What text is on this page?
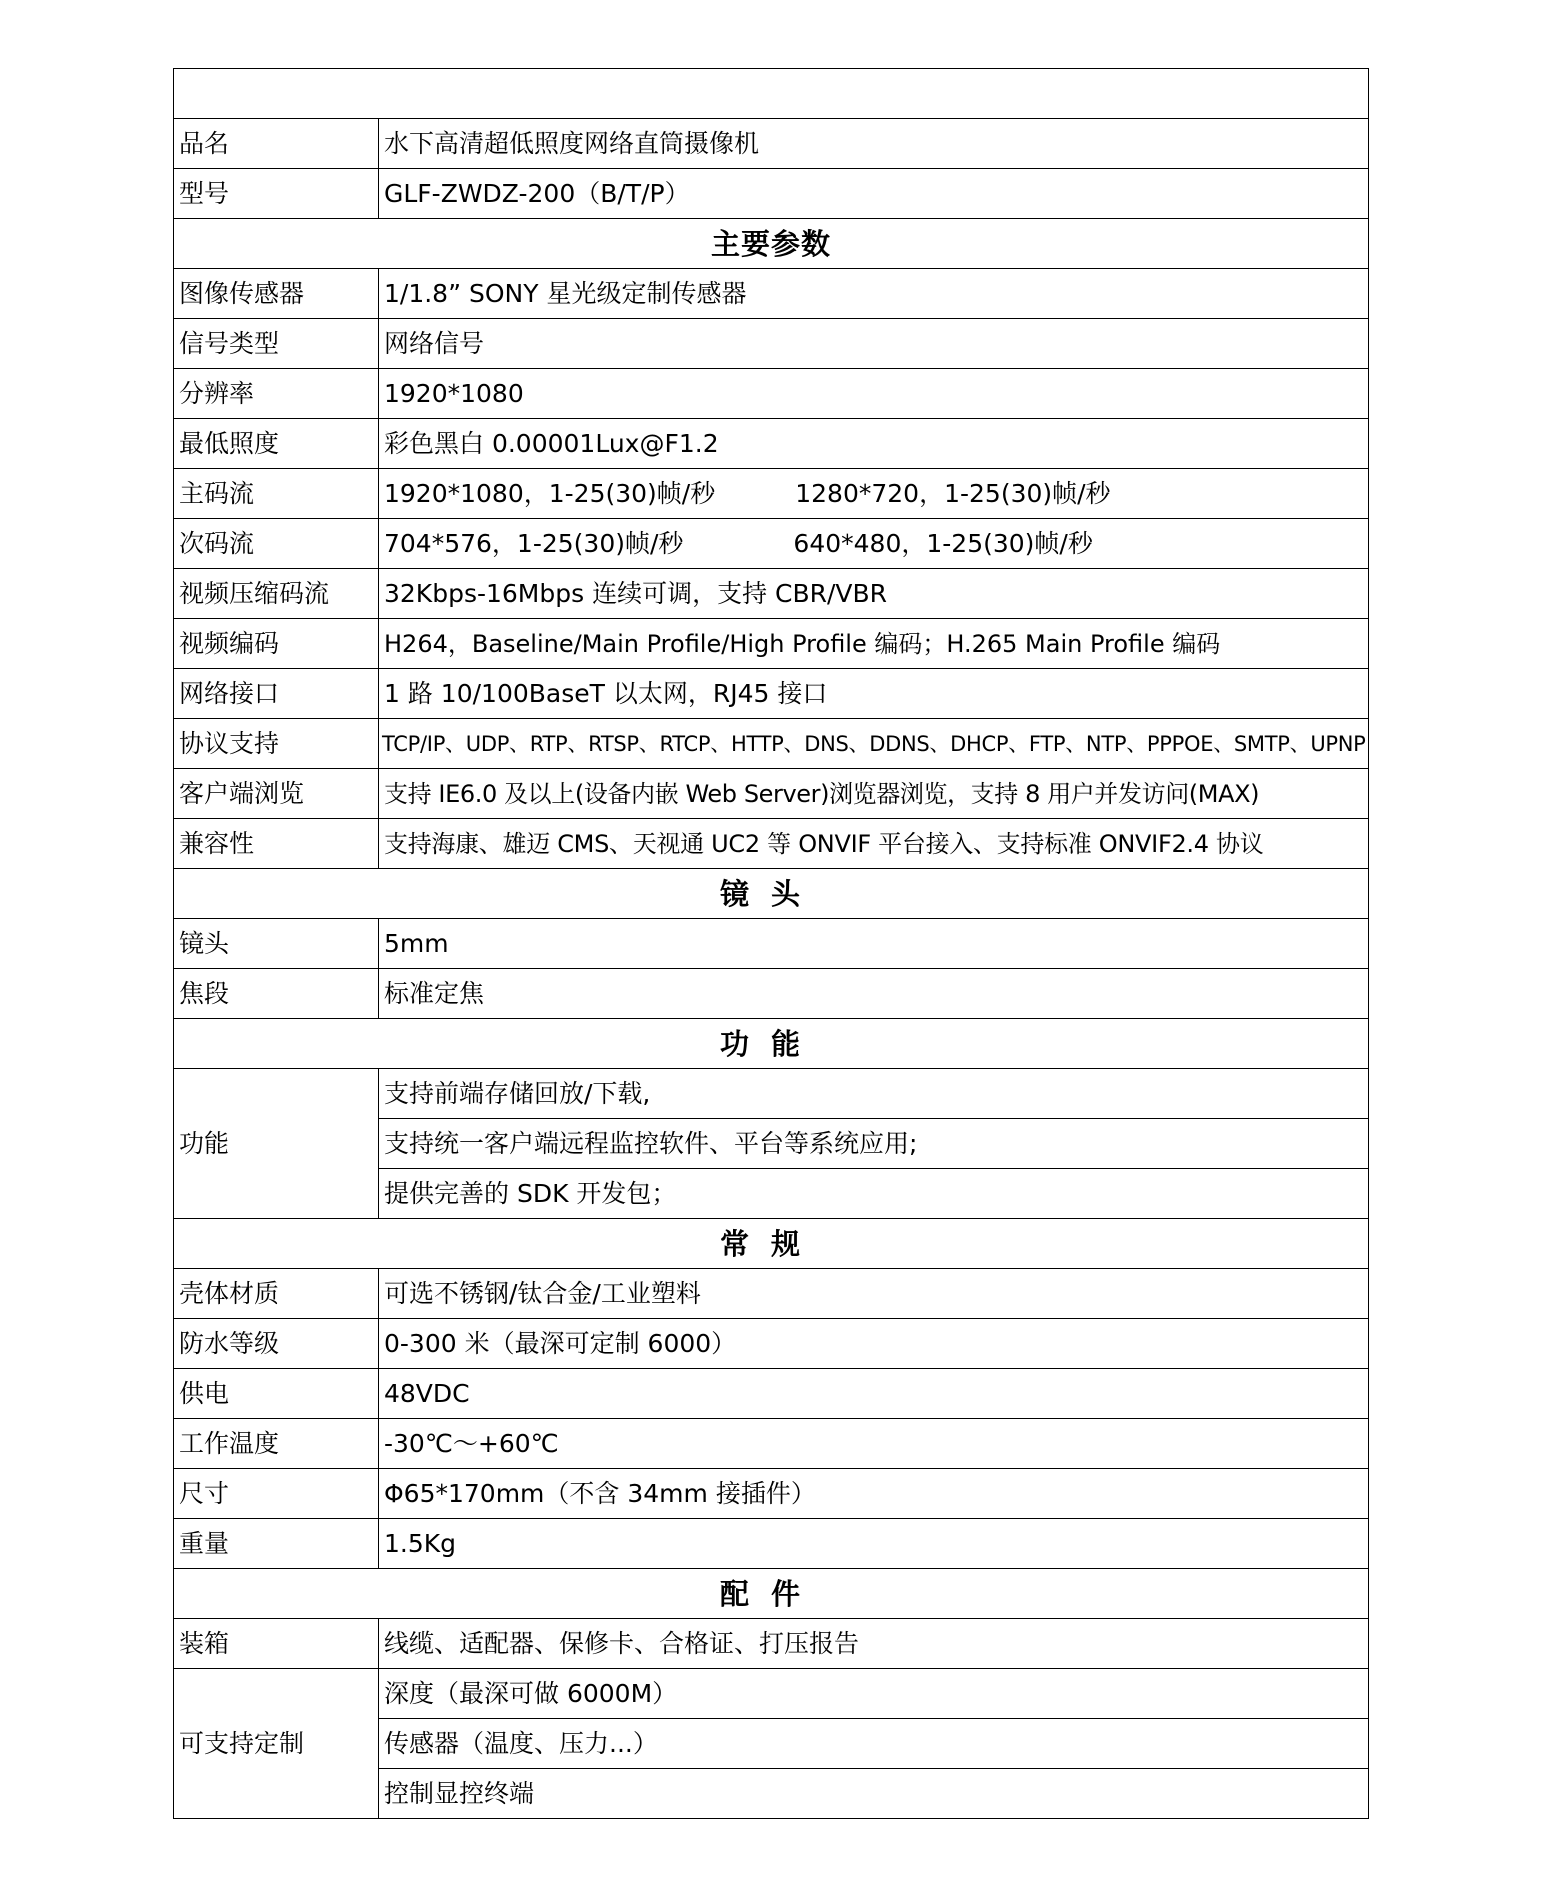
品名	水下高清超低照度网络直筒摄像机
型号	GLF-ZWDZ-200（B/T/P）
主要参数	
图像传感器	1/1.8” SONY 星光级定制传感器
信号类型	网络信号
分辨率	1920*1080
最低照度	彩色黑白 0.00001Lux@F1.2
主码流	1920*1080，1-25(30)帧/秒 1280*720，1-25(30)帧/秒
次码流	704*576，1-25(30)帧/秒 640*480，1-25(30)帧/秒
视频压缩码流	32Kbps-16Mbps 连续可调，支持 CBR/VBR
视频编码	H264，Baseline/Main Profile/High Profile 编码；H.265 Main Profile 编码
网络接口	1 路 10/100BaseT 以太网，RJ45 接口
协议支持	TCP/IP、UDP、RTP、RTSP、RTCP、HTTP、DNS、DDNS、DHCP、FTP、NTP、PPPOE、SMTP、UPNP
客户端浏览	支持 IE6.0 及以上(设备内嵌 Web Server)浏览器浏览，支持 8 用户并发访问(MAX)
兼容性	支持海康、雄迈 CMS、天视通 UC2 等 ONVIF 平台接入、支持标准 ONVIF2.4 协议
镜头	
镜头	5mm
焦段	标准定焦
功能	
功能	支持前端存储回放/下载,
	支持统一客户端远程监控软件、平台等系统应用;
	提供完善的 SDK 开发包；
常规	
壳体材质	可选不锈钢/钛合金/工业塑料
防水等级	0-300 米（最深可定制 6000）
供电	48VDC
工作温度	-30℃～+60℃
尺寸	Φ65*170mm（不含 34mm 接插件）
重量	1.5Kg
配件	
装箱	线缆、适配器、保修卡、合格证、打压报告
可支持定制	深度（最深可做 6000M）
	传感器（温度、压力...）
	控制显控终端
